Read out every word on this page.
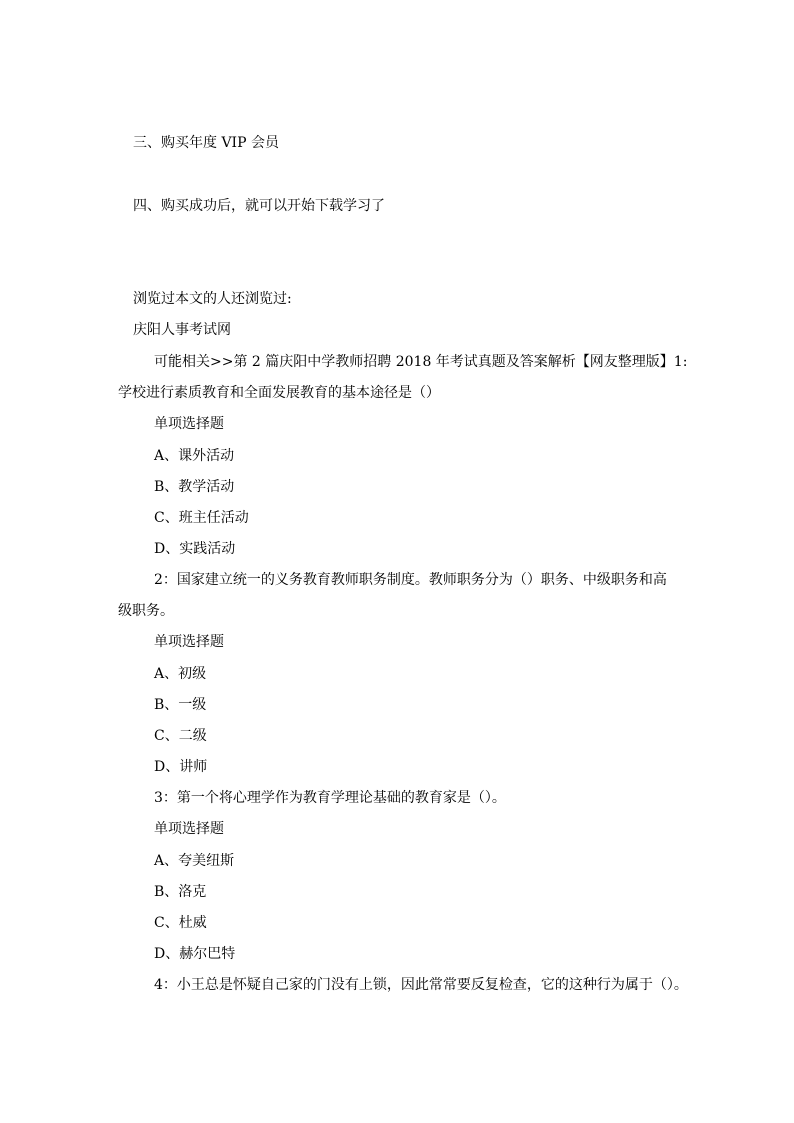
三、购买年度 VIP 会员
四、购买成功后，就可以开始下载学习了
浏览过本文的人还浏览过:
庆阳人事考试网
可能相关>>第 2 篇庆阳中学教师招聘 2018 年考试真题及答案解析【网友整理版】1:
学校进行素质教育和全面发展教育的基本途径是（）
单项选择题
A、课外活动
B、教学活动
C、班主任活动
D、实践活动
2：国家建立统一的义务教育教师职务制度。教师职务分为（）职务、中级职务和高
级职务。
单项选择题
A、初级
B、一级
C、二级
D、讲师
3：第一个将心理学作为教育学理论基础的教育家是（）。
单项选择题
A、夸美纽斯
B、洛克
C、杜威
D、赫尔巴特
4：小王总是怀疑自己家的门没有上锁，因此常常要反复检查，它的这种行为属于（）。
